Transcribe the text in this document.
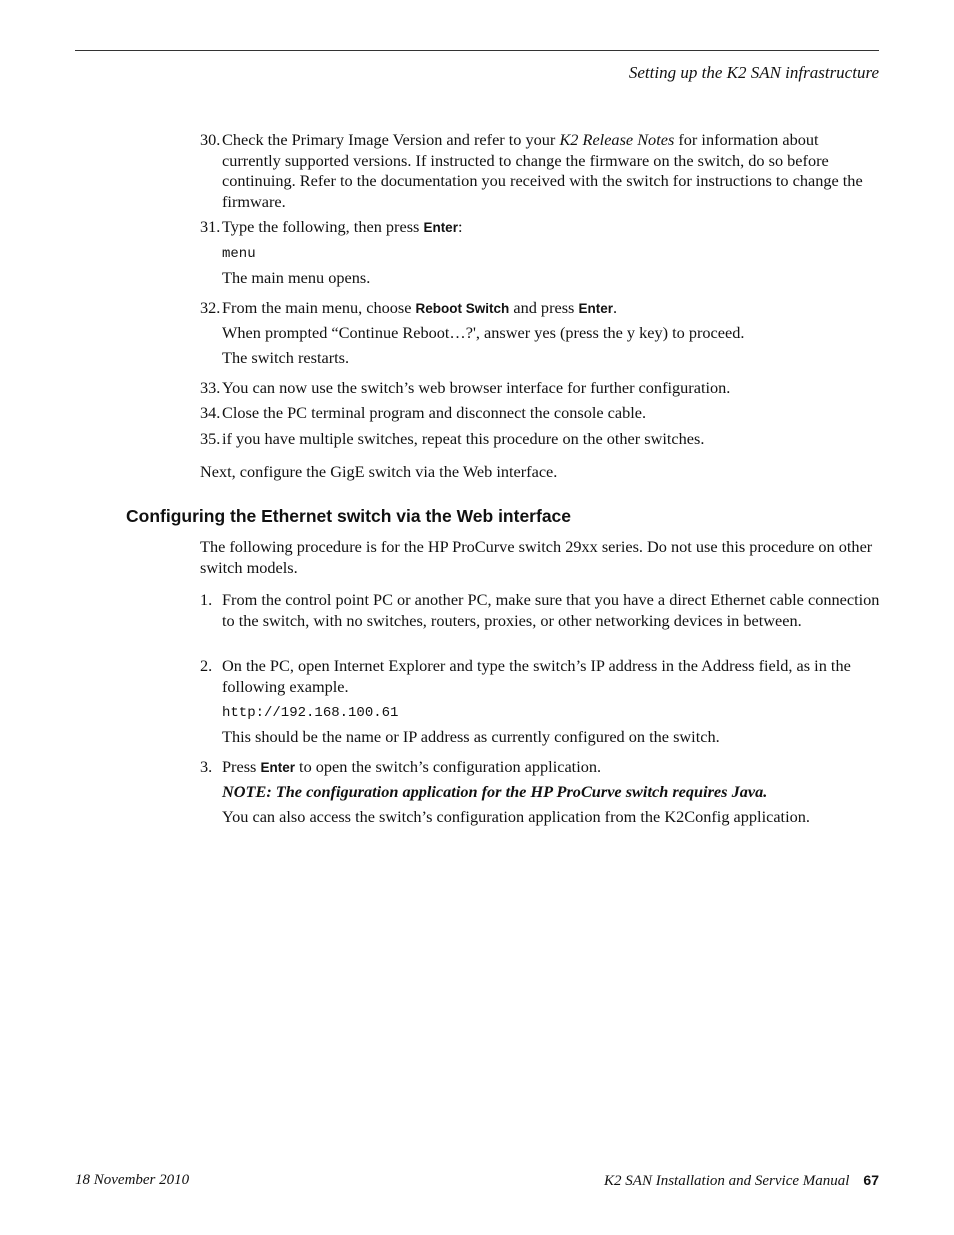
Setting up the K2 SAN infrastructure
30. Check the Primary Image Version and refer to your K2 Release Notes for information about currently supported versions. If instructed to change the firmware on the switch, do so before continuing. Refer to the documentation you received with the switch for instructions to change the firmware.
31. Type the following, then press Enter:
menu
The main menu opens.
32. From the main menu, choose Reboot Switch and press Enter.
When prompted “Continue Reboot…?', answer yes (press the y key) to proceed.
The switch restarts.
33. You can now use the switch’s web browser interface for further configuration.
34. Close the PC terminal program and disconnect the console cable.
35. if you have multiple switches, repeat this procedure on the other switches.
Next, configure the GigE switch via the Web interface.
Configuring the Ethernet switch via the Web interface
The following procedure is for the HP ProCurve switch 29xx series. Do not use this procedure on other switch models.
1. From the control point PC or another PC, make sure that you have a direct Ethernet cable connection to the switch, with no switches, routers, proxies, or other networking devices in between.
2. On the PC, open Internet Explorer and type the switch’s IP address in the Address field, as in the following example.
http://192.168.100.61
This should be the name or IP address as currently configured on the switch.
3. Press Enter to open the switch’s configuration application.
NOTE: The configuration application for the HP ProCurve switch requires Java.
You can also access the switch’s configuration application from the K2Config application.
18 November 2010	K2 SAN Installation and Service Manual 67
